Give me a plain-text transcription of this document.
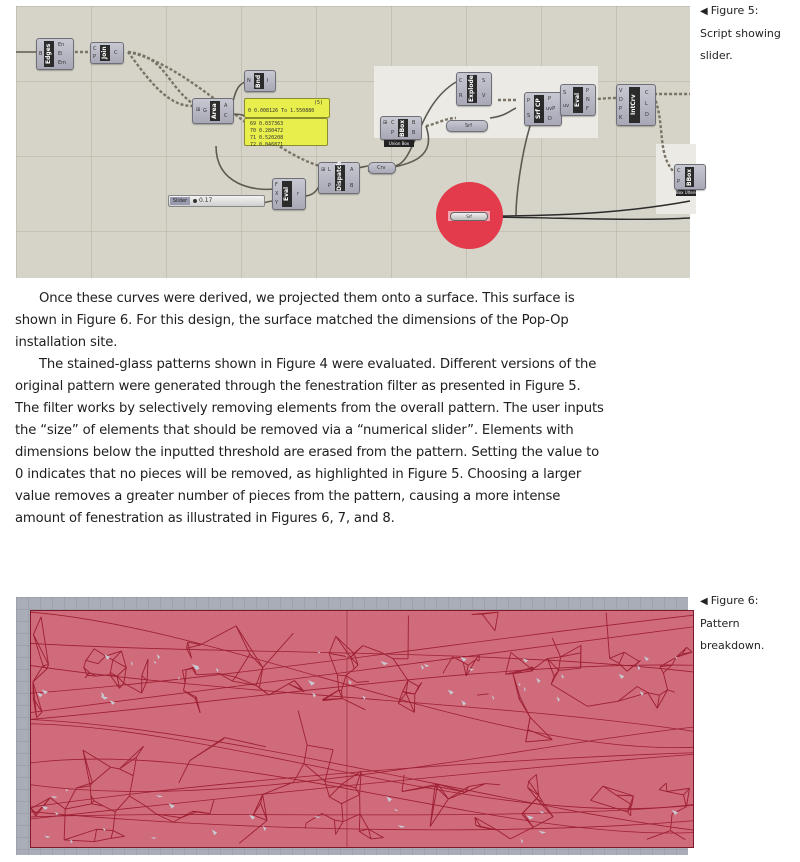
B Edges	En
Ei
Em
C
P Join	C
⊞ G Area	A
C
N Bnd	I
(5)
0 0.008126 To 1.550880
69 0.037363
70 0.280472
71 0.520208
72 0.046871
F
X
Y
Eval	r
Slider	0.17
⊞ L
P Dispatch	A
B
Crv
⊞ C
P BBox	B
B
Union Box
Srf
C
R Explode	S
V
P
S Srf CP	P
uvP
D
S
uv Eval
P
N
F
V
D
P
K
IntCrv
C
L
D
C
P BBox
Box Ulterior
Srf
◀ Figure 5:
Script showing
slider.

Once these curves were derived, we projected them onto a surface. This surface is shown in Figure 6. For this design, the surface matched the dimensions of the Pop-Op installation site.

The stained-glass patterns shown in Figure 4 were evaluated. Different versions of the original pattern were generated through the fenestration filter as presented in Figure 5. The filter works by selectively removing elements from the overall pattern. The user inputs the “size” of elements that should be removed via a “numerical slider”. Elements with dimensions below the inputted threshold are erased from the pattern. Setting the value to 0 indicates that no pieces will be removed, as highlighted in Figure 5. Choosing a larger value removes a greater number of pieces from the pattern, causing a more intense amount of fenestration as illustrated in Figures 6, 7, and 8.

◀ Figure 6:
Pattern
breakdown.
